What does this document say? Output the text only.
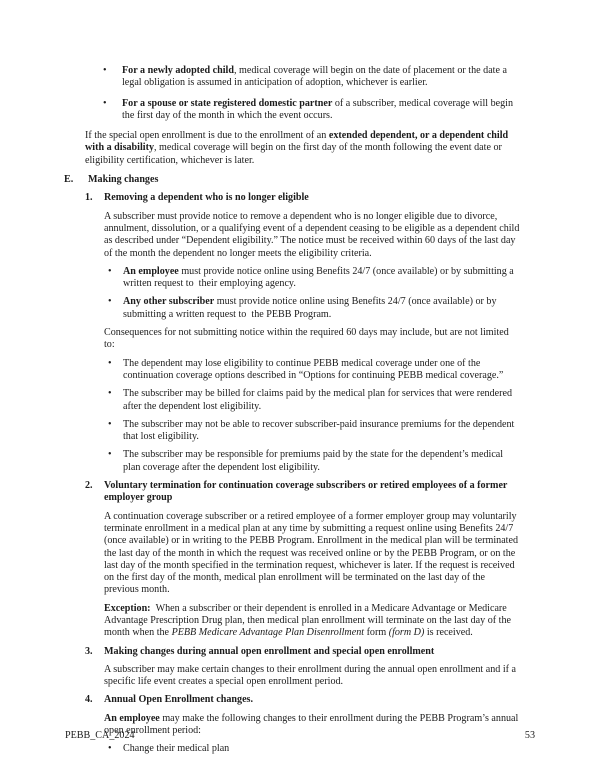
•
For a newly adopted child, medical coverage will begin on the date of placement or the date a legal obligation is assumed in anticipation of adoption, whichever is earlier.
•
For a spouse or state registered domestic partner of a subscriber, medical coverage will begin the first day of the month in which the event occurs.
If the special open enrollment is due to the enrollment of an extended dependent, or a dependent child with a disability, medical coverage will begin on the first day of the month following the event date or eligibility certification, whichever is later.
E.	Making changes
1.	Removing a dependent who is no longer eligible
A subscriber must provide notice to remove a dependent who is no longer eligible due to divorce, annulment, dissolution, or a qualifying event of a dependent ceasing to be eligible as a dependent child as described under “Dependent eligibility.” The notice must be received within 60 days of the last day of the month the dependent no longer meets the eligibility criteria.
•
An employee must provide notice online using Benefits 24/7 (once available) or by submitting a written request to  their employing agency.
•
Any other subscriber must provide notice online using Benefits 24/7 (once available) or by submitting a written request to  the PEBB Program.
Consequences for not submitting notice within the required 60 days may include, but are not limited to:
•
The dependent may lose eligibility to continue PEBB medical coverage under one of the continuation coverage options described in “Options for continuing PEBB medical coverage.”
•
The subscriber may be billed for claims paid by the medical plan for services that were rendered after the dependent lost eligibility.
•
The subscriber may not be able to recover subscriber-paid insurance premiums for the dependent that lost eligibility.
•
The subscriber may be responsible for premiums paid by the state for the dependent’s medical plan coverage after the dependent lost eligibility.
2.	Voluntary termination for continuation coverage subscribers or retired employees of a former employer group
A continuation coverage subscriber or a retired employee of a former employer group may voluntarily terminate enrollment in a medical plan at any time by submitting a request online using Benefits 24/7 (once available) or in writing to the PEBB Program. Enrollment in the medical plan will be terminated the last day of the month in which the request was received online or by the PEBB Program, or on the last day of the month specified in the termination request, whichever is later. If the request is received on the first day of the month, medical plan enrollment will be terminated on the last day of the previous month.
Exception:  When a subscriber or their dependent is enrolled in a Medicare Advantage or Medicare Advantage Prescription Drug plan, then medical plan enrollment will terminate on the last day of the month when the PEBB Medicare Advantage Plan Disenrollment form (form D) is received.
3.	Making changes during annual open enrollment and special open enrollment
A subscriber may make certain changes to their enrollment during the annual open enrollment and if a specific life event creates a special open enrollment period.
4.	Annual Open Enrollment changes.
An employee may make the following changes to their enrollment during the PEBB Program’s annual open enrollment period:
•
Change their medical plan
PEBB_CA_2024	53
